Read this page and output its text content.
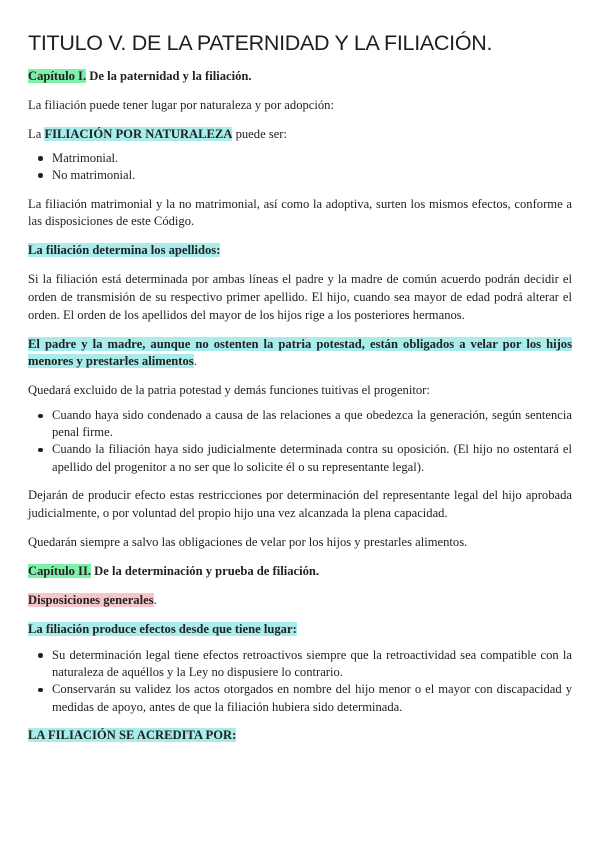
TITULO V. DE LA PATERNIDAD Y LA FILIACIÓN.

Capítulo I. De la paternidad y la filiación.

La filiación puede tener lugar por naturaleza y por adopción:

La FILIACIÓN POR NATURALEZA puede ser:

Matrimonial.
No matrimonial.

La filiación matrimonial y la no matrimonial, así como la adoptiva, surten los mismos efectos, conforme a las disposiciones de este Código.

La filiación determina los apellidos:

Si la filiación está determinada por ambas líneas el padre y la madre de común acuerdo podrán decidir el orden de transmisión de su respectivo primer apellido. El hijo, cuando sea mayor de edad podrá alterar el orden. El orden de los apellidos del mayor de los hijos rige a los posteriores hermanos.

El padre y la madre, aunque no ostenten la patria potestad, están obligados a velar por los hijos menores y prestarles alimentos.

Quedará excluido de la patria potestad y demás funciones tuitivas el progenitor:

Cuando haya sido condenado a causa de las relaciones a que obedezca la generación, según sentencia penal firme.
Cuando la filiación haya sido judicialmente determinada contra su oposición. (El hijo no ostentará el apellido del progenitor a no ser que lo solicite él o su representante legal).

Dejarán de producir efecto estas restricciones por determinación del representante legal del hijo aprobada judicialmente, o por voluntad del propio hijo una vez alcanzada la plena capacidad.

Quedarán siempre a salvo las obligaciones de velar por los hijos y prestarles alimentos.

Capítulo II. De la determinación y prueba de filiación.

Disposiciones generales.

La filiación produce efectos desde que tiene lugar:

Su determinación legal tiene efectos retroactivos siempre que la retroactividad sea compatible con la naturaleza de aquéllos y la Ley no dispusiere lo contrario.
Conservarán su validez los actos otorgados en nombre del hijo menor o el mayor con discapacidad y medidas de apoyo, antes de que la filiación hubiera sido determinada.

LA FILIACIÓN SE ACREDITA POR:
